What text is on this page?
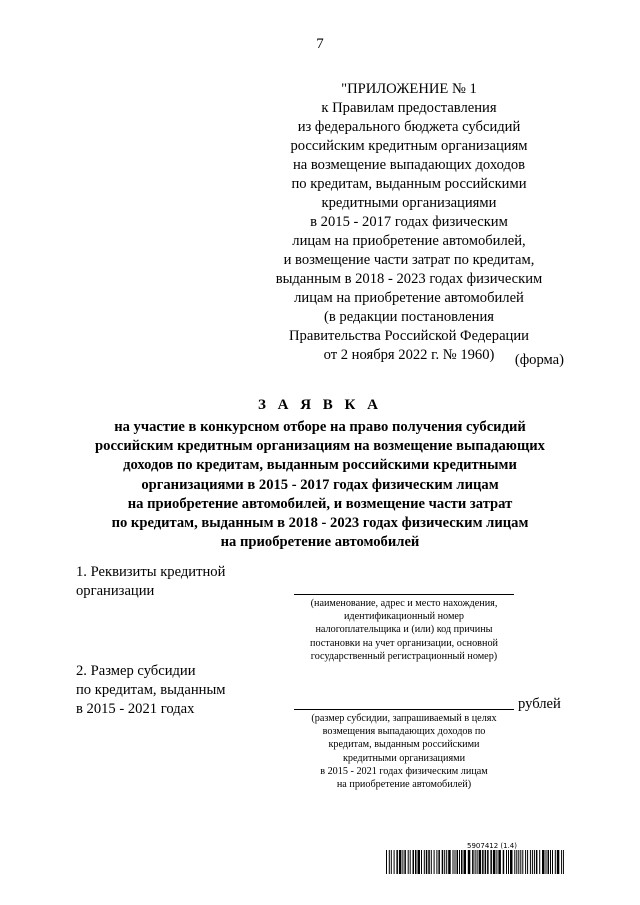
7
"ПРИЛОЖЕНИЕ № 1
к Правилам предоставления
из федерального бюджета субсидий
российским кредитным организациям
на возмещение выпадающих доходов
по кредитам, выданным российскими
кредитными организациями
в 2015 - 2017 годах физическим
лицам на приобретение автомобилей,
и возмещение части затрат по кредитам,
выданным в 2018 - 2023 годах физическим
лицам на приобретение автомобилей
(в редакции постановления
Правительства Российской Федерации
от 2 ноября 2022 г. № 1960)	(форма)
З А Я В К А
на участие в конкурсном отборе на право получения субсидий
российским кредитным организациям на возмещение выпадающих
доходов по кредитам, выданным российскими кредитными
организациями в 2015 - 2017 годах физическим лицам
на приобретение автомобилей, и возмещение части затрат
по кредитам, выданным в 2018 - 2023 годах физическим лицам
на приобретение автомобилей
1. Реквизиты кредитной
организации
(наименование, адрес и место нахождения,
идентификационный номер
налогоплательщика и (или) код причины
постановки на учет организации, основной
государственный регистрационный номер)
2. Размер субсидии
по кредитам, выданным
в 2015 - 2021 годах	рублей
(размер субсидии, запрашиваемый в целях
возмещения выпадающих доходов по
кредитам, выданным российскими
кредитными организациями
в 2015 - 2021 годах физическим лицам
на приобретение автомобилей)
5907412 (1.4)
